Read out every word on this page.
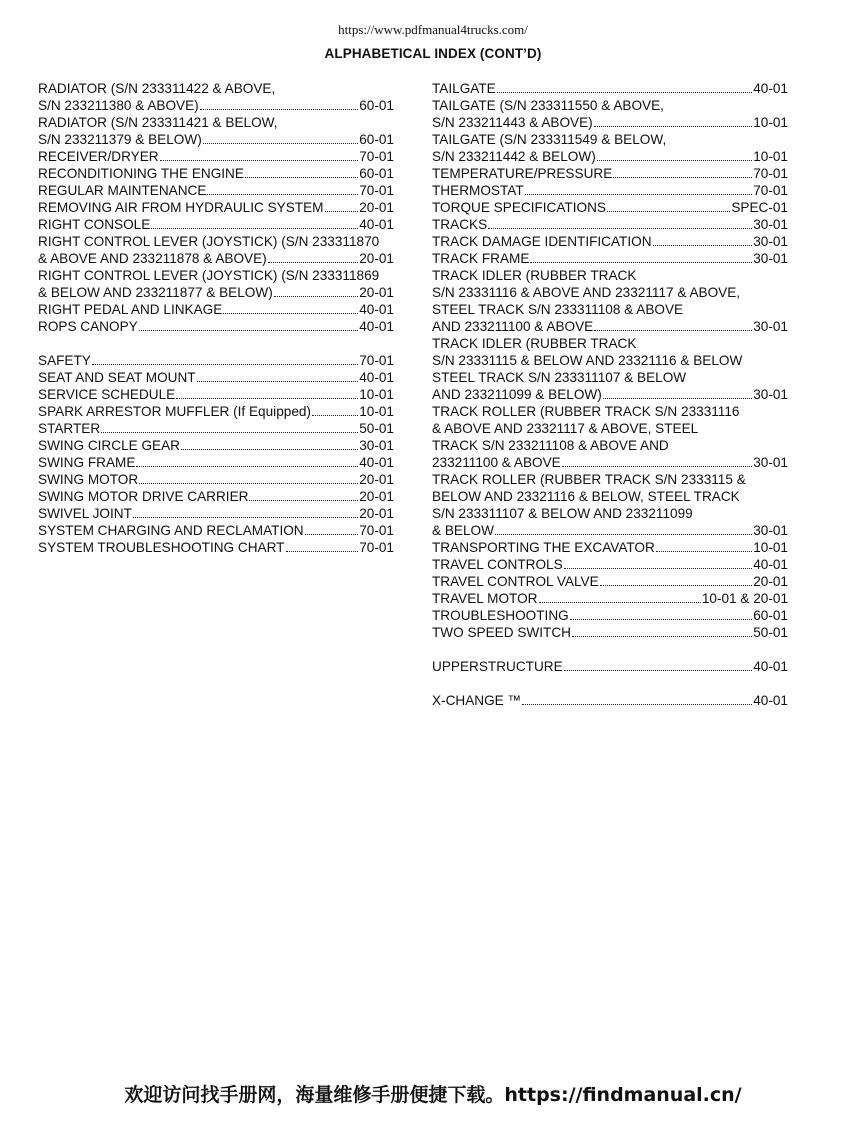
https://www.pdfmanual4trucks.com/
ALPHABETICAL INDEX (CONT’D)
RADIATOR (S/N 233311422 & ABOVE,
S/N 233211380 & ABOVE)	60-01
RADIATOR (S/N 233311421 & BELOW,
S/N 233211379 & BELOW)	60-01
RECEIVER/DRYER	70-01
RECONDITIONING THE ENGINE	60-01
REGULAR MAINTENANCE	70-01
REMOVING AIR FROM HYDRAULIC SYSTEM	20-01
RIGHT CONSOLE	40-01
RIGHT CONTROL LEVER (JOYSTICK) (S/N 233311870
& ABOVE AND 233211878 & ABOVE)	20-01
RIGHT CONTROL LEVER (JOYSTICK) (S/N 233311869
& BELOW AND 233211877 & BELOW)	20-01
RIGHT PEDAL AND LINKAGE	40-01
ROPS CANOPY	40-01
SAFETY	70-01
SEAT AND SEAT MOUNT	40-01
SERVICE SCHEDULE	10-01
SPARK ARRESTOR MUFFLER (If Equipped)	10-01
STARTER	50-01
SWING CIRCLE GEAR	30-01
SWING FRAME	40-01
SWING MOTOR	20-01
SWING MOTOR DRIVE CARRIER	20-01
SWIVEL JOINT	20-01
SYSTEM CHARGING AND RECLAMATION	70-01
SYSTEM TROUBLESHOOTING CHART	70-01
TAILGATE	40-01
TAILGATE (S/N 233311550 & ABOVE,
S/N 233211443 & ABOVE)	10-01
TAILGATE (S/N 233311549 & BELOW,
S/N 233211442 & BELOW)	10-01
TEMPERATURE/PRESSURE	70-01
THERMOSTAT	70-01
TORQUE SPECIFICATIONS	SPEC-01
TRACKS	30-01
TRACK DAMAGE IDENTIFICATION	30-01
TRACK FRAME	30-01
TRACK IDLER (RUBBER TRACK
S/N 23331116 & ABOVE AND 23321117 & ABOVE,
STEEL TRACK S/N 233311108 & ABOVE
AND 233211100 & ABOVE	30-01
TRACK IDLER (RUBBER TRACK
S/N 23331115 & BELOW AND 23321116 & BELOW
STEEL TRACK S/N 233311107 & BELOW
AND 233211099 & BELOW)	30-01
TRACK ROLLER (RUBBER TRACK S/N 23331116
& ABOVE AND 23321117 & ABOVE, STEEL
TRACK S/N 233211108 & ABOVE AND
233211100 & ABOVE	30-01
TRACK ROLLER (RUBBER TRACK S/N 2333115 &
BELOW AND 23321116 & BELOW, STEEL TRACK
S/N 233311107 & BELOW AND 233211099
& BELOW	30-01
TRANSPORTING THE EXCAVATOR	10-01
TRAVEL CONTROLS	40-01
TRAVEL CONTROL VALVE	20-01
TRAVEL MOTOR	10-01 & 20-01
TROUBLESHOOTING	60-01
TWO SPEED SWITCH	50-01
UPPERSTRUCTURE	40-01
X-CHANGE ™	40-01
欢迎访问找手册网，海量维修手册便捷下载。https://findmanual.cn/
